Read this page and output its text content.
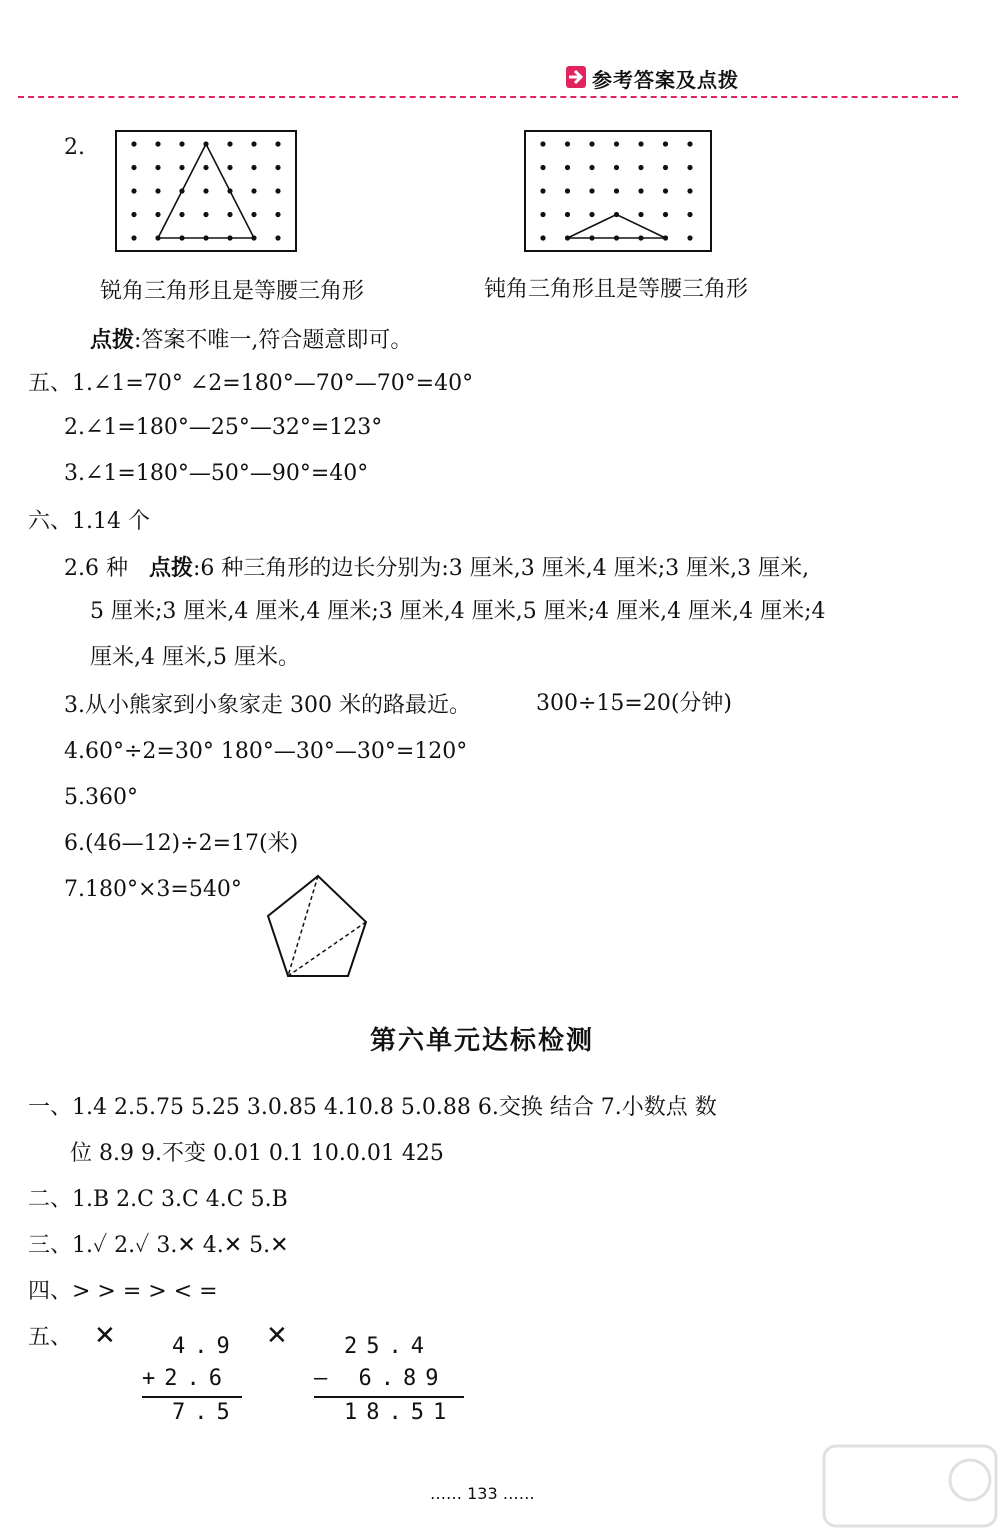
参考答案及点拨
2.
锐角三角形且是等腰三角形	钝角三角形且是等腰三角形
点拨:答案不唯一,符合题意即可。
五、1.∠1=70° ∠2=180°—70°—70°=40°
2.∠1=180°—25°—32°=123°
3.∠1=180°—50°—90°=40°
六、1.14 个
2.6 种 点拨:6 种三角形的边长分别为:3 厘米,3 厘米,4 厘米;3 厘米,3 厘米,
5 厘米;3 厘米,4 厘米,4 厘米;3 厘米,4 厘米,5 厘米;4 厘米,4 厘米,4 厘米;4
厘米,4 厘米,5 厘米。
3.从小熊家到小象家走 300 米的路最近。	300÷15=20(分钟)
4.60°÷2=30° 180°—30°—30°=120°
5.360°
6.(46—12)÷2=17(米)
7.180°×3=540°
第六单元达标检测
一、1.4 2.5.75 5.25 3.0.85 4.10.8 5.0.88 6.交换 结合 7.小数点 数
位 8.9 9.不变 0.01 0.1 10.0.01 425
二、1.B 2.C 3.C 4.C 5.B
三、1.✓ 2.✓ 3.✕ 4.✕ 5.✕
四、> > = > < =
五、 ✕	✕
4.9
+2.6
7.5
25.4
— 6.89
18.51
…… 133 ……
